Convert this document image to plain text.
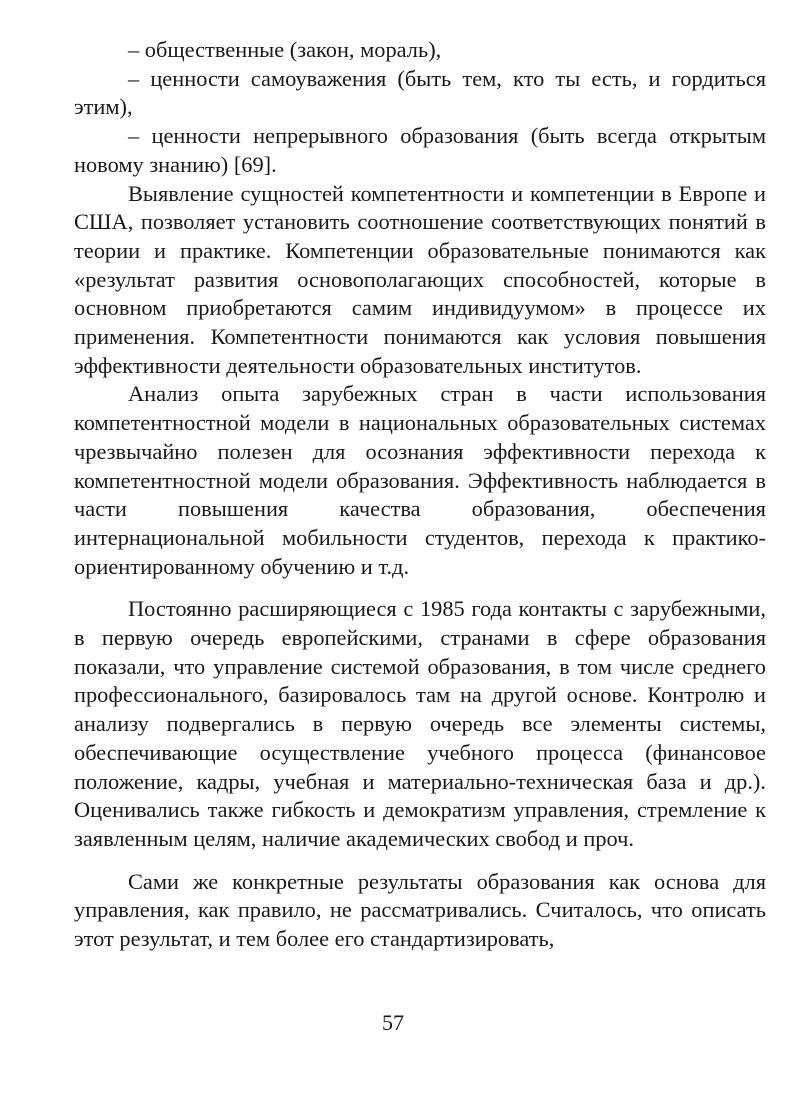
– общественные (закон, мораль),

– ценности самоуважения (быть тем, кто ты есть, и гордиться этим),

– ценности непрерывного образования (быть всегда открытым новому знанию) [69].

Выявление сущностей компетентности и компетенции в Европе и США, позволяет установить соотношение соответствующих понятий в теории и практике. Компетенции образовательные понимаются как «результат развития основополагающих способностей, которые в основном приобретаются самим индивидуумом» в процессе их применения. Компетентности понимаются как условия повышения эффективности деятельности образовательных институтов.

Анализ опыта зарубежных стран в части использования компетентностной модели в национальных образовательных системах чрезвычайно полезен для осознания эффективности перехода к компетентностной модели образования. Эффективность наблюдается в части повышения качества образования, обеспечения интернациональной мобильности студентов, перехода к практико-ориентированному обучению и т.д.

Постоянно расширяющиеся с 1985 года контакты с зарубежными, в первую очередь европейскими, странами в сфере образования показали, что управление системой образования, в том числе среднего профессионального, базировалось там на другой основе. Контролю и анализу подвергались в первую очередь все элементы системы, обеспечивающие осуществление учебного процесса (финансовое положение, кадры, учебная и материально-техническая база и др.). Оценивались также гибкость и демократизм управления, стремление к заявленным целям, наличие академических свобод и проч.

Сами же конкретные результаты образования как основа для управления, как правило, не рассматривались. Считалось, что описать этот результат, и тем более его стандартизировать,

57
